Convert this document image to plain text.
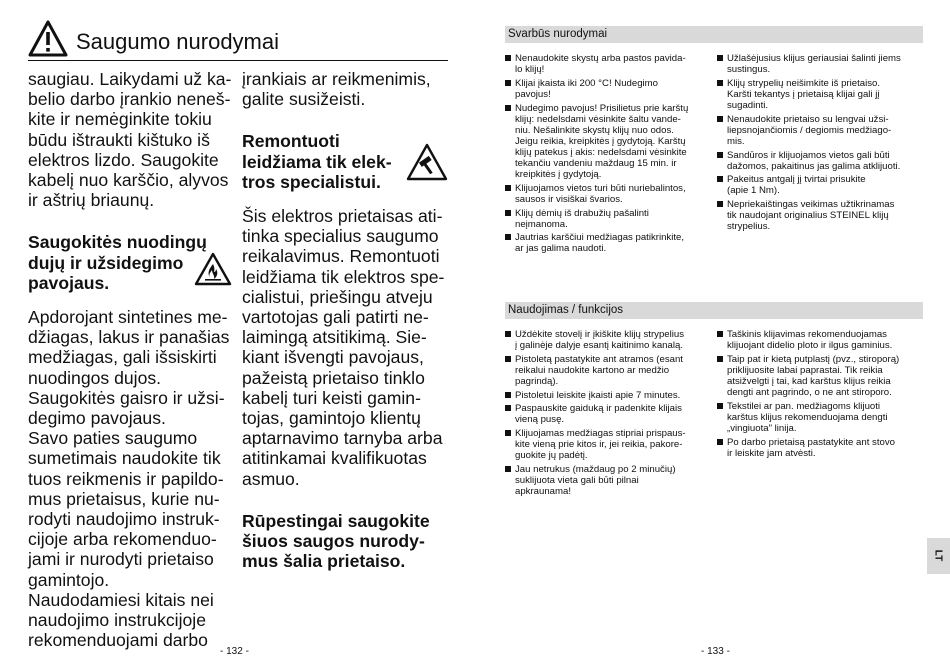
Saugumo nurodymai

saugiau. Laikydami už ka-
belio darbo įrankio neneš-
kite ir nemėginkite tokiu
būdu ištraukti kištuko iš
elektros lizdo. Saugokite
kabelį nuo karščio, alyvos
ir aštrių briaunų.

Saugokitės nuodingų
dujų ir užsidegimo
pavojaus.

Apdorojant sintetines me-
džiagas, lakus ir panašias
medžiagas, gali išsiskirti
nuodingos dujos.
Saugokitės gaisro ir užsi-
degimo pavojaus.
Savo paties saugumo
sumetimais naudokite tik
tuos reikmenis ir papildo-
mus prietaisus, kurie nu-
rodyti naudojimo instruk-
cijoje arba rekomenduo-
jami ir nurodyti prietaiso
gamintojo.
Naudodamiesi kitais nei
naudojimo instrukcijoje
rekomenduojami darbo

įrankiais ar reikmenimis,
galite susižeisti.

Remontuoti
leidžiama tik elek-
tros specialistui.

Šis elektros prietaisas ati-
tinka specialius saugumo
reikalavimus. Remontuoti
leidžiama tik elektros spe-
cialistui, priešingu atveju
vartotojas gali patirti ne-
laimingą atsitikimą. Sie-
kiant išvengti pavojaus,
pažeistą prietaiso tinklo
kabelį turi keisti gamin-
tojas, gamintojo klientų
aptarnavimo tarnyba arba
atitinkamai kvalifikuotas
asmuo.

Rūpestingai saugokite
šiuos saugos nurody-
mus šalia prietaiso.

- 132 -
Svarbūs nurodymai
Nenaudokite skystų arba pastos pavida-
lo klijų!
Klijai įkaista iki 200 °C! Nudegimo
pavojus!
Nudegimo pavojus! Prisilietus prie karštų
klijų: nedelsdami vėsinkite šaltu vande-
niu. Nešalinkite skystų klijų nuo odos.
Jeigu reikia, kreipkitės į gydytoją. Karštų
klijų patekus į akis: nedelsdami vėsinkite
tekančiu vandeniu maždaug 15 min. ir
kreipkitės į gydytoją.
Klijuojamos vietos turi būti nuriebalintos,
sausos ir visiškai švarios.
Klijų dėmių iš drabužių pašalinti
neįmanoma.
Jautrias karščiui medžiagas patikrinkite,
ar jas galima naudoti.
Užlašėjusius klijus geriausiai šalinti jiems
sustingus.
Klijų strypelių neišimkite iš prietaiso.
Karšti tekantys į prietaisą klijai gali jį
sugadinti.
Nenaudokite prietaiso su lengvai užsi-
liepsnojančiomis / degiomis medžiago-
mis.
Sandūros ir klijuojamos vietos gali būti
dažomos, pakaitinus jas galima atklijuoti.
Pakeitus antgalį jį tvirtai prisukite
(apie 1 Nm).
Nepriekaištingas veikimas užtikrinamas
tik naudojant originalius STEINEL klijų
strypelius.
Naudojimas / funkcijos
Uždėkite stovelį ir įkiškite klijų strypelius
į galinėje dalyje esantį kaitinimo kanalą.
Pistoletą pastatykite ant atramos (esant
reikalui naudokite kartono ar medžio
pagrindą).
Pistoletui leiskite įkaisti apie 7 minutes.
Paspauskite gaiduką ir padenkite klijais
vieną pusę.
Klijuojamas medžiagas stipriai prispaus-
kite vieną prie kitos ir, jei reikia, pakore-
guokite jų padėtį.
Jau netrukus (maždaug po 2 minučių)
suklijuota vieta gali būti pilnai
apkraunama!
Taškinis klijavimas rekomenduojamas
klijuojant didelio ploto ir ilgus gaminius.
Taip pat ir kietą putplastį (pvz., stiroporą)
priklijuosite labai paprastai. Tik reikia
atsižvelgti į tai, kad karštus klijus reikia
dengti ant pagrindo, o ne ant stiroporo.
Tekstilei ar pan. medžiagoms klijuoti
karštus klijus rekomenduojama dengti
„vingiuota" linija.
Po darbo prietaisą pastatykite ant stovo
ir leiskite jam atvėsti.
LT
- 133 -
